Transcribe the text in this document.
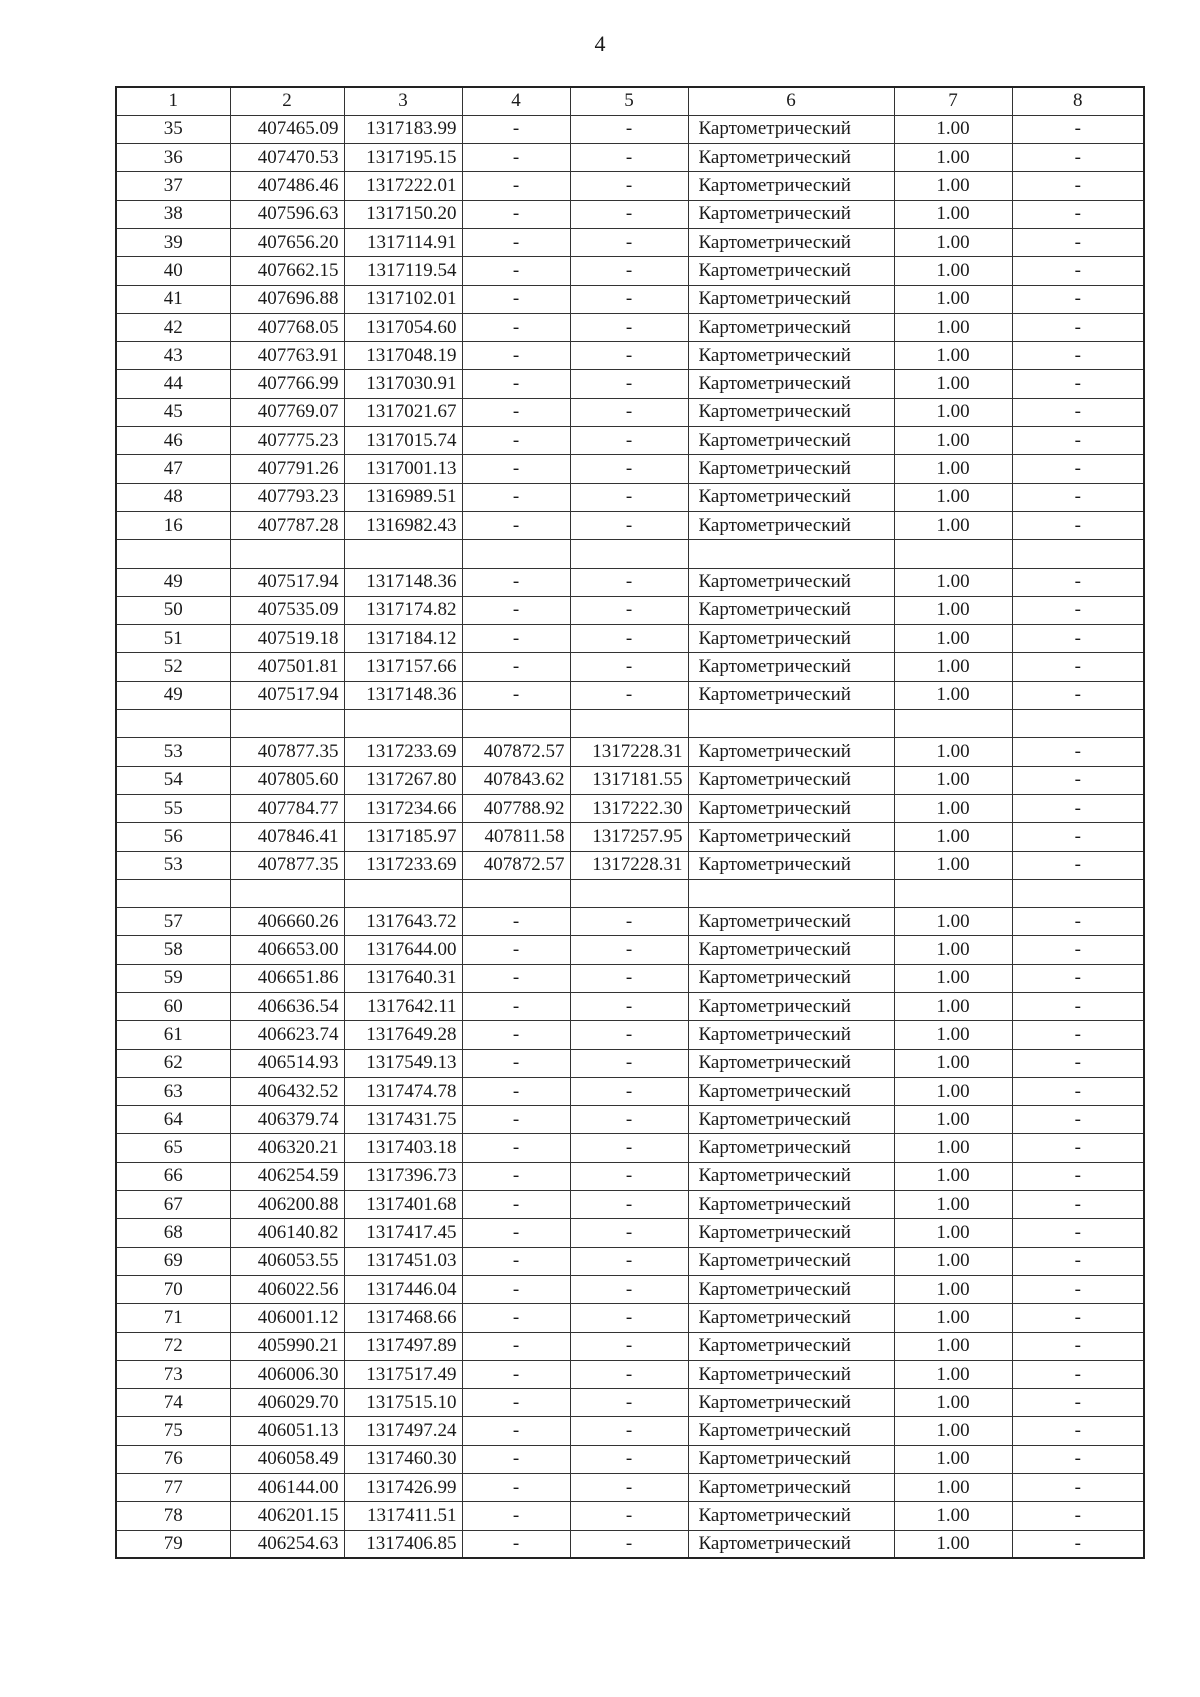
4
1	2	3	4	5	6	7	8
35	407465.09	1317183.99	-	-	Картометрический	1.00	-
36	407470.53	1317195.15	-	-	Картометрический	1.00	-
37	407486.46	1317222.01	-	-	Картометрический	1.00	-
38	407596.63	1317150.20	-	-	Картометрический	1.00	-
39	407656.20	1317114.91	-	-	Картометрический	1.00	-
40	407662.15	1317119.54	-	-	Картометрический	1.00	-
41	407696.88	1317102.01	-	-	Картометрический	1.00	-
42	407768.05	1317054.60	-	-	Картометрический	1.00	-
43	407763.91	1317048.19	-	-	Картометрический	1.00	-
44	407766.99	1317030.91	-	-	Картометрический	1.00	-
45	407769.07	1317021.67	-	-	Картометрический	1.00	-
46	407775.23	1317015.74	-	-	Картометрический	1.00	-
47	407791.26	1317001.13	-	-	Картометрический	1.00	-
48	407793.23	1316989.51	-	-	Картометрический	1.00	-
16	407787.28	1316982.43	-	-	Картометрический	1.00	-

49	407517.94	1317148.36	-	-	Картометрический	1.00	-
50	407535.09	1317174.82	-	-	Картометрический	1.00	-
51	407519.18	1317184.12	-	-	Картометрический	1.00	-
52	407501.81	1317157.66	-	-	Картометрический	1.00	-
49	407517.94	1317148.36	-	-	Картометрический	1.00	-

53	407877.35	1317233.69	407872.57	1317228.31	Картометрический	1.00	-
54	407805.60	1317267.80	407843.62	1317181.55	Картометрический	1.00	-
55	407784.77	1317234.66	407788.92	1317222.30	Картометрический	1.00	-
56	407846.41	1317185.97	407811.58	1317257.95	Картометрический	1.00	-
53	407877.35	1317233.69	407872.57	1317228.31	Картометрический	1.00	-

57	406660.26	1317643.72	-	-	Картометрический	1.00	-
58	406653.00	1317644.00	-	-	Картометрический	1.00	-
59	406651.86	1317640.31	-	-	Картометрический	1.00	-
60	406636.54	1317642.11	-	-	Картометрический	1.00	-
61	406623.74	1317649.28	-	-	Картометрический	1.00	-
62	406514.93	1317549.13	-	-	Картометрический	1.00	-
63	406432.52	1317474.78	-	-	Картометрический	1.00	-
64	406379.74	1317431.75	-	-	Картометрический	1.00	-
65	406320.21	1317403.18	-	-	Картометрический	1.00	-
66	406254.59	1317396.73	-	-	Картометрический	1.00	-
67	406200.88	1317401.68	-	-	Картометрический	1.00	-
68	406140.82	1317417.45	-	-	Картометрический	1.00	-
69	406053.55	1317451.03	-	-	Картометрический	1.00	-
70	406022.56	1317446.04	-	-	Картометрический	1.00	-
71	406001.12	1317468.66	-	-	Картометрический	1.00	-
72	405990.21	1317497.89	-	-	Картометрический	1.00	-
73	406006.30	1317517.49	-	-	Картометрический	1.00	-
74	406029.70	1317515.10	-	-	Картометрический	1.00	-
75	406051.13	1317497.24	-	-	Картометрический	1.00	-
76	406058.49	1317460.30	-	-	Картометрический	1.00	-
77	406144.00	1317426.99	-	-	Картометрический	1.00	-
78	406201.15	1317411.51	-	-	Картометрический	1.00	-
79	406254.63	1317406.85	-	-	Картометрический	1.00	-
